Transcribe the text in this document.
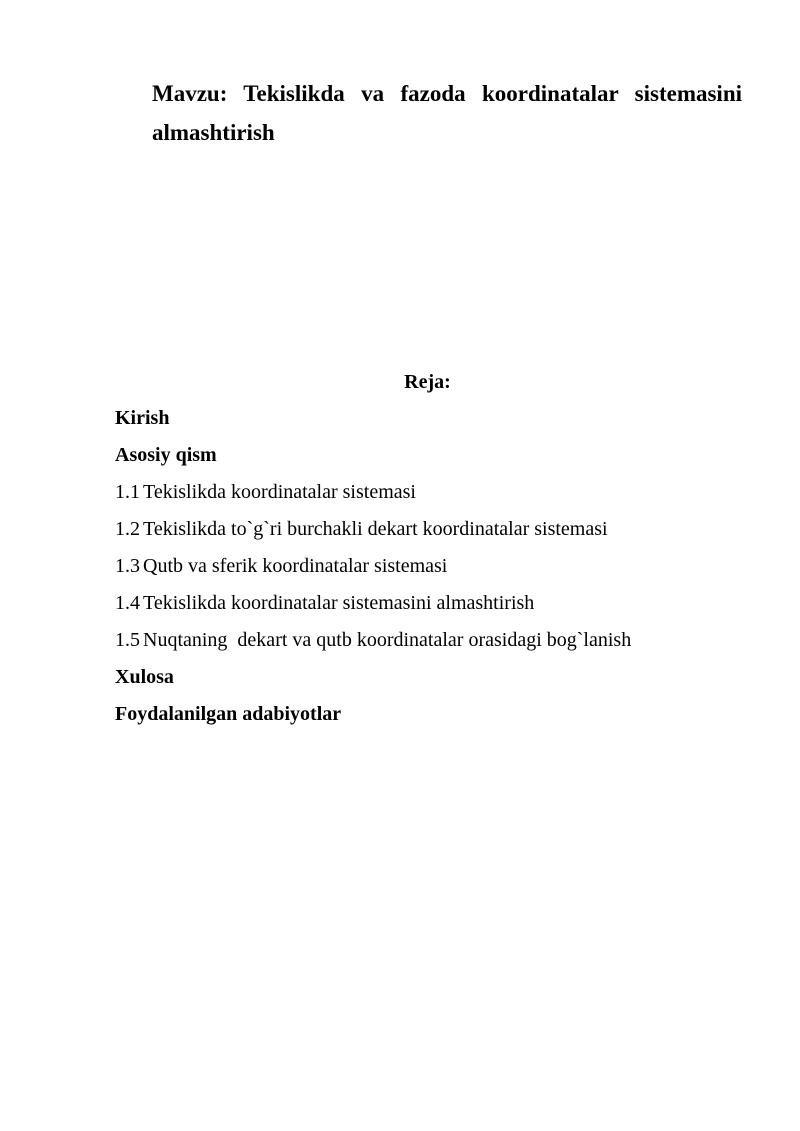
Mavzu: Tekislikda va fazoda koordinatalar sistemasini almashtirish
Reja:
Kirish
Asosiy qism
1.1 Tekislikda koordinatalar sistemasi
1.2 Tekislikda to`g`ri burchakli dekart koordinatalar sistemasi
1.3 Qutb va sferik koordinatalar sistemasi
1.4 Tekislikda koordinatalar sistemasini almashtirish
1.5 Nuqtaning  dekart va qutb koordinatalar orasidagi bog`lanish
Xulosa
Foydalanilgan adabiyotlar
